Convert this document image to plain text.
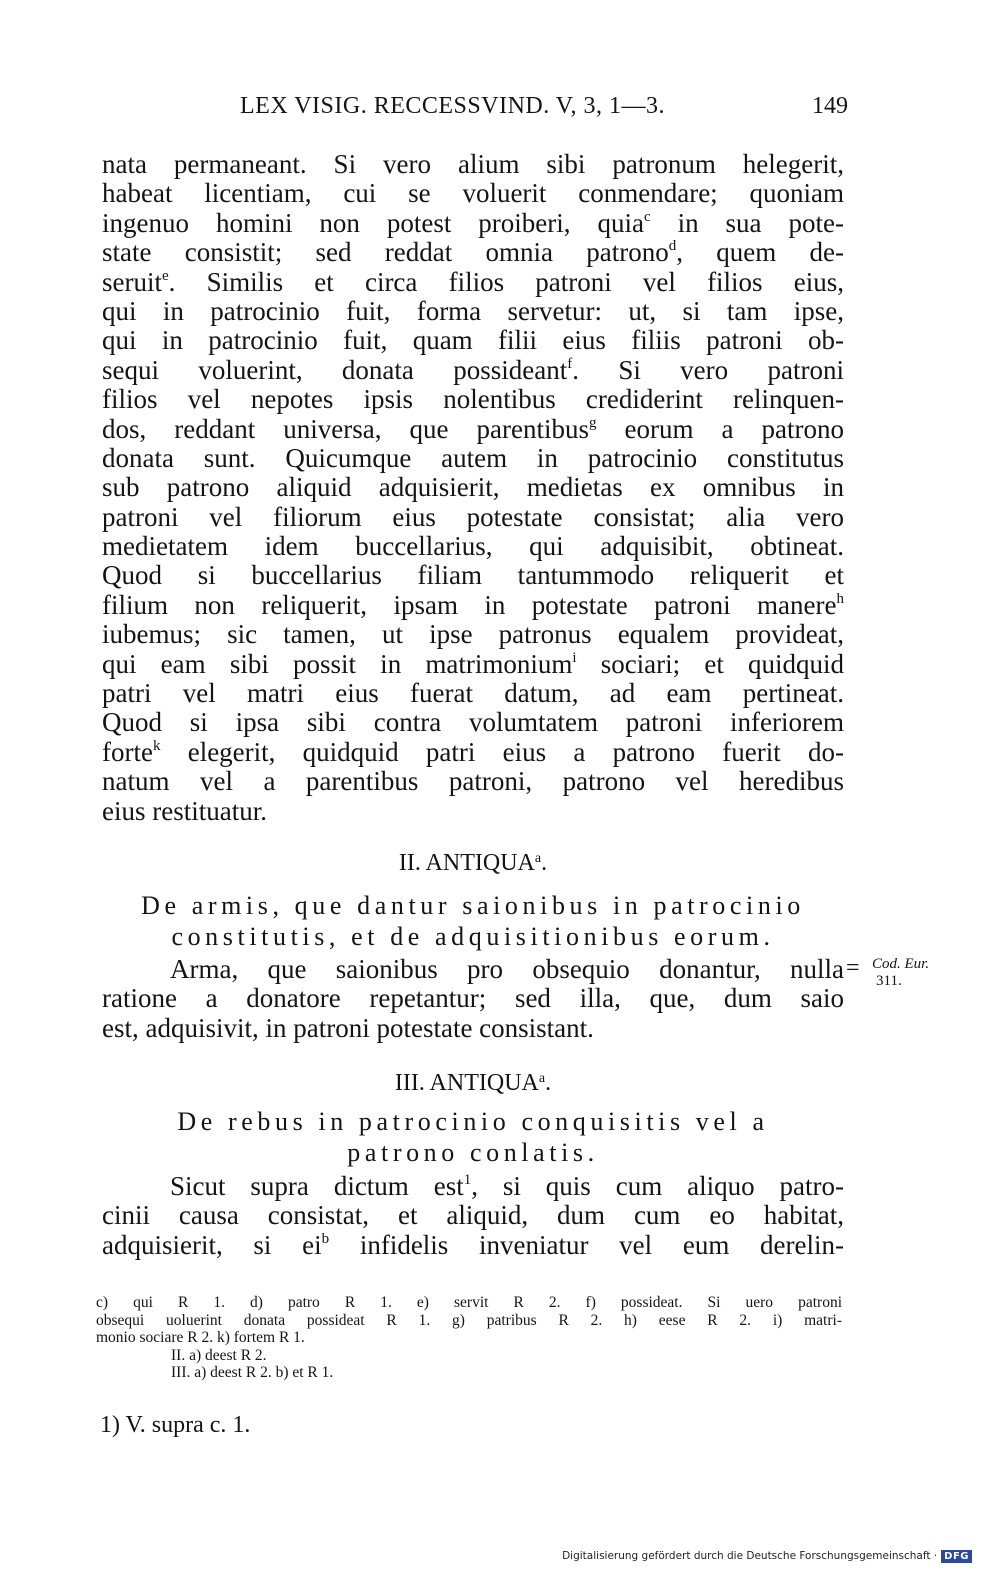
LEX VISIG. RECCESSVIND. V, 3, 1—3.	149
nata permaneant. Si vero alium sibi patronum helegerit,
habeat licentiam, cui se voluerit conmendare; quoniam
ingenuo homini non potest proiberi, quia$^c$ in sua pote-
state consistit; sed reddat omnia patrono$^d$, quem de-
seruit$^e$. Similis et circa filios patroni vel filios eius,
qui in patrocinio fuit, forma servetur: ut, si tam ipse,
qui in patrocinio fuit, quam filii eius filiis patroni ob-
sequi voluerint, donata possideant$^f$. Si vero patroni
filios vel nepotes ipsis nolentibus crediderint relinquen-
dos, reddant universa, que parentibus$^g$ eorum a patrono
donata sunt. Quicumque autem in patrocinio constitutus
sub patrono aliquid adquisierit, medietas ex omnibus in
patroni vel filiorum eius potestate consistat; alia vero
medietatem idem buccellarius, qui adquisibit, obtineat.
Quod si buccellarius filiam tantummodo reliquerit et
filium non reliquerit, ipsam in potestate patroni manere$^h$
iubemus; sic tamen, ut ipse patronus equalem provideat,
qui eam sibi possit in matrimonium$^i$ sociari; et quidquid
patri vel matri eius fuerat datum, ad eam pertineat.
Quod si ipsa sibi contra volumtatem patroni inferiorem
forte$^k$ elegerit, quidquid patri eius a patrono fuerit do-
natum vel a parentibus patroni, patrono vel heredibus
eius restituatur.
II. ANTIQUA$^a$.
De armis, que dantur saionibus in patrocinio
constitutis, et de adquisitionibus eorum.
Arma, que saionibus pro obsequio donantur, nulla
ratione a donatore repetantur; sed illa, que, dum saio
est, adquisivit, in patroni potestate consistant.
= Cod. Eur.
311.
III. ANTIQUA$^a$.
De rebus in patrocinio conquisitis vel a
patrono conlatis.
Sicut supra dictum est$^1$, si quis cum aliquo patro-
cinii causa consistat, et aliquid, dum cum eo habitat,
adquisierit, si $ei^b$ infidelis inveniatur vel eum derelin-
c) qui R 1. d) patro R 1. e) servit R 2. f) possideat. Si uero patroni
obsequi uoluerint donata possideat R 1. g) patribus R 2. h) eese R 2. i) matri-
monio sociare R 2. k) fortem R 1.
II. a) deest R 2.
III. a) deest R 2. b) et R 1.
1) V. supra c. 1.
Digitalisierung gefördert durch die Deutsche Forschungsgemeinschaft · DFG
